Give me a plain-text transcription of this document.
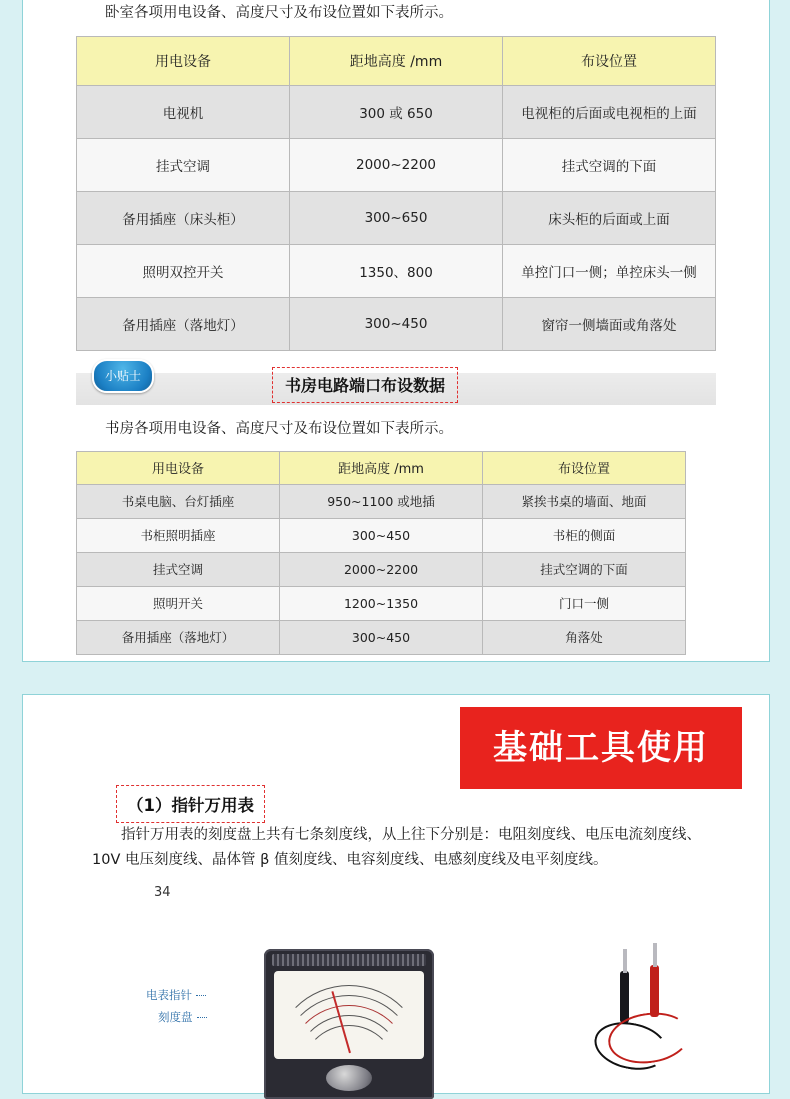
卧室各项用电设备、高度尺寸及布设位置如下表所示。
用电设备	距地高度 /mm	布设位置
电视机	300 或 650	电视柜的后面或电视柜的上面
挂式空调	2000~2200	挂式空调的下面
备用插座（床头柜）	300~650	床头柜的后面或上面
照明双控开关	1350、800	单控门口一侧；单控床头一侧
备用插座（落地灯）	300~450	窗帘一侧墙面或角落处
小贴士	书房电路端口布设数据
书房各项用电设备、高度尺寸及布设位置如下表所示。
用电设备	距地高度 /mm	布设位置
书桌电脑、台灯插座	950~1100 或地插	紧挨书桌的墙面、地面
书柜照明插座	300~450	书柜的侧面
挂式空调	2000~2200	挂式空调的下面
照明开关	1200~1350	门口一侧
备用插座（落地灯）	300~450	角落处
基础工具使用
（1）指针万用表
指针万用表的刻度盘上共有七条刻度线，从上往下分别是：电阻刻度线、电压电流刻度线、10V 电压刻度线、晶体管 β 值刻度线、电容刻度线、电感刻度线及电平刻度线。
34
电表指针
刻度盘
